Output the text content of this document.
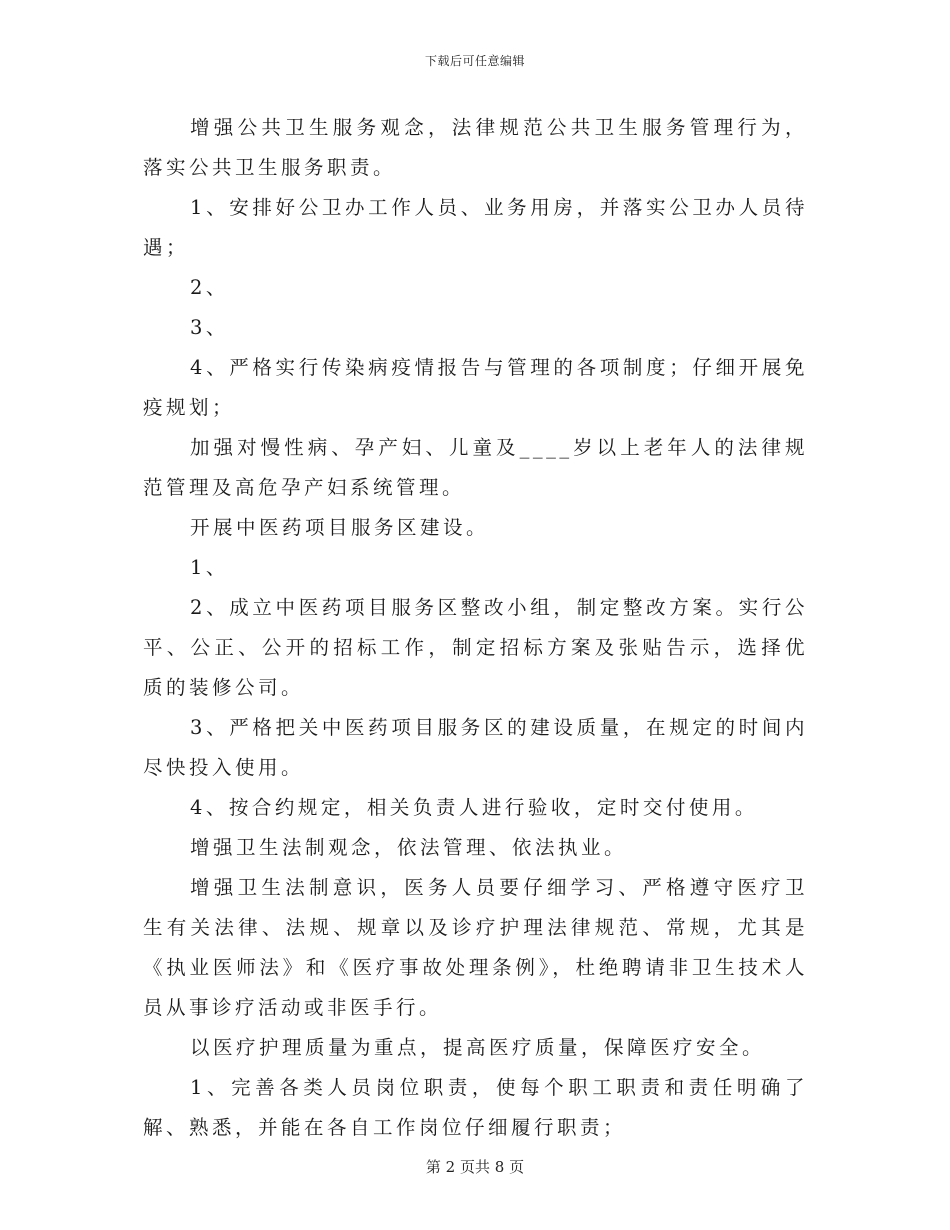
下载后可任意编辑

增强公共卫生服务观念，法律规范公共卫生服务管理行为，落实公共卫生服务职责。

1、安排好公卫办工作人员、业务用房，并落实公卫办人员待遇；

2、

3、

4、严格实行传染病疫情报告与管理的各项制度；仔细开展免疫规划；

加强对慢性病、孕产妇、儿童及____岁以上老年人的法律规范管理及高危孕产妇系统管理。

开展中医药项目服务区建设。

1、

2、成立中医药项目服务区整改小组，制定整改方案。实行公平、公正、公开的招标工作，制定招标方案及张贴告示，选择优质的装修公司。

3、严格把关中医药项目服务区的建设质量，在规定的时间内尽快投入使用。

4、按合约规定，相关负责人进行验收，定时交付使用。

增强卫生法制观念，依法管理、依法执业。

增强卫生法制意识，医务人员要仔细学习、严格遵守医疗卫生有关法律、法规、规章以及诊疗护理法律规范、常规，尤其是《执业医师法》和《医疗事故处理条例》，杜绝聘请非卫生技术人员从事诊疗活动或非医手行。

以医疗护理质量为重点，提高医疗质量，保障医疗安全。

1、完善各类人员岗位职责，使每个职工职责和责任明确了解、熟悉，并能在各自工作岗位仔细履行职责；

第 2 页共 8 页
